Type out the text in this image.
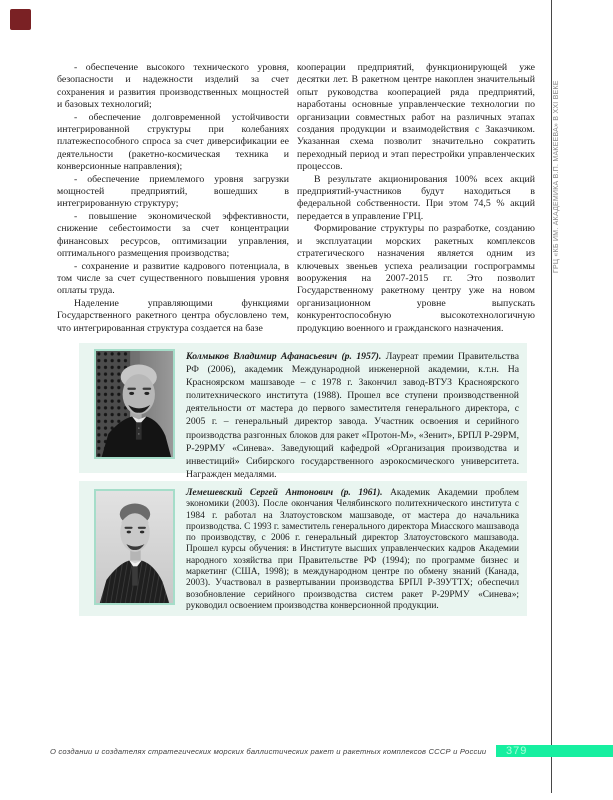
- обеспечение высокого технического уровня, безопасности и надежности изделий за счет сохранения и развития производственных мощностей и базовых технологий;

- обеспечение долговременной устойчивости интегрированной структуры при колебаниях платежеспособного спроса за счет диверсификации ее деятельности (ракетно-космическая техника и конверсионные направления);

- обеспечение приемлемого уровня загрузки мощностей предприятий, вошедших в интегрированную структуру;

- повышение экономической эффективности, снижение себестоимости за счет концентрации финансовых ресурсов, оптимизации управления, оптимального размещения производства;

- сохранение и развитие кадрового потенциала, в том числе за счет существенного повышения уровня оплаты труда.

Наделение управляющими функциями Государственного ракетного центра обусловлено тем, что интегрированная структура создается на базе

кооперации предприятий, функционирующей уже десятки лет. В ракетном центре накоплен значительный опыт руководства кооперацией ряда предприятий, наработаны основные управленческие технологии по организации совместных работ на различных этапах создания продукции и взаимодействия с Заказчиком. Указанная схема позволит значительно сократить переходный период и этап перестройки управленческих процессов.

В результате акционирования 100% всех акций предприятий-участников будут находиться в федеральной собственности. При этом 74,5 % акций передается в управление ГРЦ.

Формирование структуры по разработке, созданию и эксплуатации морских ракетных комплексов стратегического назначения является одним из ключевых звеньев успеха реализации госпрограммы вооружения на 2007-2015 гг. Это позволит Государственному ракетному центру уже на новом организационном уровне выпускать конкурентоспособную высокотехнологичную продукцию военного и гражданского назначения.

Колмыков Владимир Афанасьевич (р. 1957). Лауреат премии Правительства РФ (2006), академик Международной инженерной академии, к.т.н. На Красноярском машзаводе – с 1978 г. Закончил завод-ВТУЗ Красноярского политехнического института (1988). Прошел все ступени производственной деятельности от мастера до первого заместителя генерального директора, с 2005 г. – генеральный директор завода. Участник освоения и серийного производства разгонных блоков для ракет «Протон-М», «Зенит», БРПЛ Р-29РМ, Р-29РМУ «Синева». Заведующий кафедрой «Организация производства и инвестиций» Сибирского государственного аэрокосмического университета. Награжден медалями.
Лемешевский Сергей Антонович (р. 1961). Академик Академии проблем экономики (2003). После окончания Челябинского политехнического института с 1984 г. работал на Златоустовском машзаводе, от мастера до начальника производства. С 1993 г. заместитель генерального директора Миасского машзавода по производству, с 2006 г. генеральный директор Златоустовского машзавода. Прошел курсы обучения: в Институте высших управленческих кадров Академии народного хозяйства при Правительстве РФ (1994); по программе бизнес и маркетинг (США, 1998); в международном центре по обмену знаний (Канада, 2003). Участвовал в развертывании производства БРПЛ Р-39УТТХ; обеспечил возобновление серийного производства систем ракет Р-29РМУ «Синева»; руководил освоением производства конверсионной продукции.
ГРЦ «КБ ИМ. АКАДЕМИКА В.П. МАКЕЕВА» В XXI ВЕКЕ
О создании и создателях стратегических морских баллистических ракет и ракетных комплексов СССР и России	379
